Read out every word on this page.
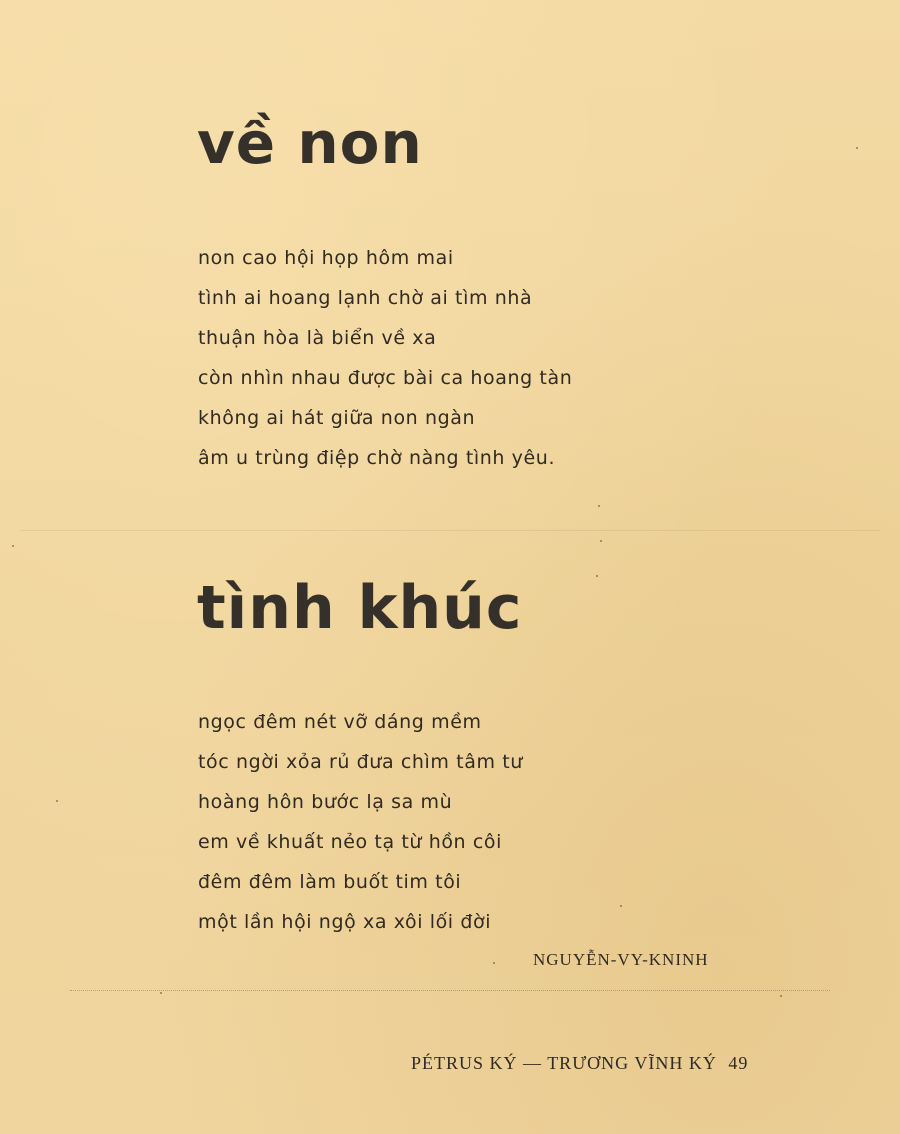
về non
non cao hội họp hôm mai
tình ai hoang lạnh chờ ai tìm nhà
thuận hòa là biển về xa
còn nhìn nhau được bài ca hoang tàn
không ai hát giữa non ngàn
âm u trùng điệp chờ nàng tình yêu.
tình khúc
ngọc đêm nét vỡ dáng mềm
tóc ngời xỏa rủ đưa chìm tâm tư
hoàng hôn bước lạ sa mù
em về khuất nẻo tạ từ hồn côi
đêm đêm làm buốt tim tôi
một lần hội ngộ xa xôi lối đời

NGUYỄN-VY-KNINH

PÉTRUS KÝ — TRƯƠNG VĨNH KÝ 49
